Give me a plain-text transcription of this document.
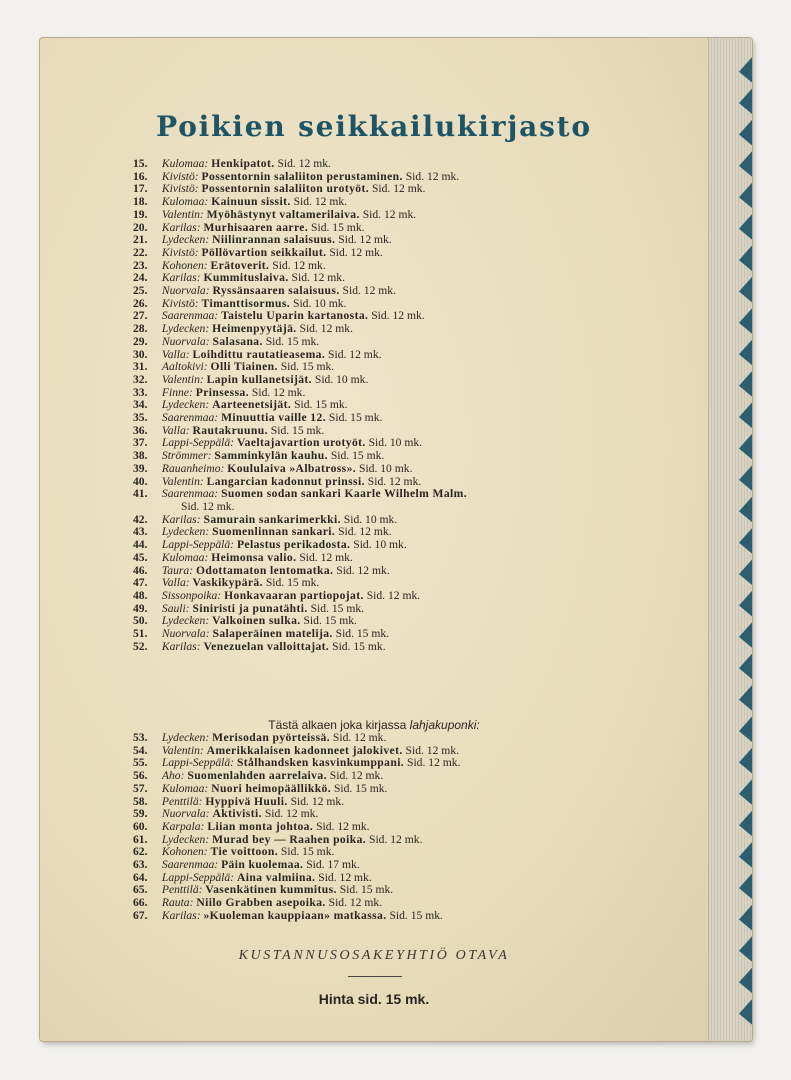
Poikien seikkailukirjasto
15. Kulomaa: Henkipatot. Sid. 12 mk.
16. Kivistö: Possentornin salaliiton perustaminen. Sid. 12 mk.
17. Kivistö: Possentornin salaliiton urotyöt. Sid. 12 mk.
18. Kulomaa: Kainuun sissit. Sid. 12 mk.
19. Valentin: Myöhästynyt valtamerilaiva. Sid. 12 mk.
20. Karilas: Murhisaaren aarre. Sid. 15 mk.
21. Lydecken: Niilinrannan salaisuus. Sid. 12 mk.
22. Kivistö: Pöllövartion seikkailut. Sid. 12 mk.
23. Kohonen: Erätoverit. Sid. 12 mk.
24. Karilas: Kummituslaiva. Sid. 12 mk.
25. Nuorvala: Ryssänsaaren salaisuus. Sid. 12 mk.
26. Kivistö: Timanttisormus. Sid. 10 mk.
27. Saarenmaa: Taistelu Uparin kartanosta. Sid. 12 mk.
28. Lydecken: Heimenpyytäjä. Sid. 12 mk.
29. Nuorvala: Salasana. Sid. 15 mk.
30. Valla: Loihdittu rautatieasema. Sid. 12 mk.
31. Aaltokivi: Olli Tiainen. Sid. 15 mk.
32. Valentin: Lapin kullanetsijät. Sid. 10 mk.
33. Finne: Prinsessa. Sid. 12 mk.
34. Lydecken: Aarteenetsijät. Sid. 15 mk.
35. Saarenmaa: Minuuttia vaille 12. Sid. 15 mk.
36. Valla: Rautakruunu. Sid. 15 mk.
37. Lappi-Seppälä: Vaeltajavartion urotyöt. Sid. 10 mk.
38. Strömmer: Samminkylän kauhu. Sid. 15 mk.
39. Rauanheimo: Koululaiva »Albatross». Sid. 10 mk.
40. Valentin: Langarcian kadonnut prinssi. Sid. 12 mk.
41. Saarenmaa: Suomen sodan sankari Kaarle Wilhelm Malm.
Sid. 12 mk.
42. Karilas: Samurain sankarimerkki. Sid. 10 mk.
43. Lydecken: Suomenlinnan sankari. Sid. 12 mk.
44. Lappi-Seppälä: Pelastus perikadosta. Sid. 10 mk.
45. Kulomaa: Heimonsa valio. Sid. 12 mk.
46. Taura: Odottamaton lentomatka. Sid. 12 mk.
47. Valla: Vaskikypärä. Sid. 15 mk.
48. Sissonpoika: Honkavaaran partiopojat. Sid. 12 mk.
49. Sauli: Siniristi ja punatähti. Sid. 15 mk.
50. Lydecken: Valkoinen sulka. Sid. 15 mk.
51. Nuorvala: Salaperäinen matelija. Sid. 15 mk.
52. Karilas: Venezuelan valloittajat. Sid. 15 mk.
Tästä alkaen joka kirjassa lahjakuponki:
53. Lydecken: Merisodan pyörteissä. Sid. 12 mk.
54. Valentin: Amerikkalaisen kadonneet jalokivet. Sid. 12 mk.
55. Lappi-Seppälä: Stålhandsken kasvinkumppani. Sid. 12 mk.
56. Aho: Suomenlahden aarrelaiva. Sid. 12 mk.
57. Kulomaa: Nuori heimopäällikkö. Sid. 15 mk.
58. Penttilä: Hyppivä Huuli. Sid. 12 mk.
59. Nuorvala: Aktivisti. Sid. 12 mk.
60. Karpala: Liian monta johtoa. Sid. 12 mk.
61. Lydecken: Murad bey — Raahen poika. Sid. 12 mk.
62. Kohonen: Tie voittoon. Sid. 15 mk.
63. Saarenmaa: Päin kuolemaa. Sid. 17 mk.
64. Lappi-Seppälä: Aina valmiina. Sid. 12 mk.
65. Penttilä: Vasenkätinen kummitus. Sid. 15 mk.
66. Rauta: Niilo Grabben asepoika. Sid. 12 mk.
67. Karilas: »Kuoleman kauppiaan» matkassa. Sid. 15 mk.
KUSTANNUSOSAKEYHTIÖ OTAVA
Hinta sid. 15 mk.
